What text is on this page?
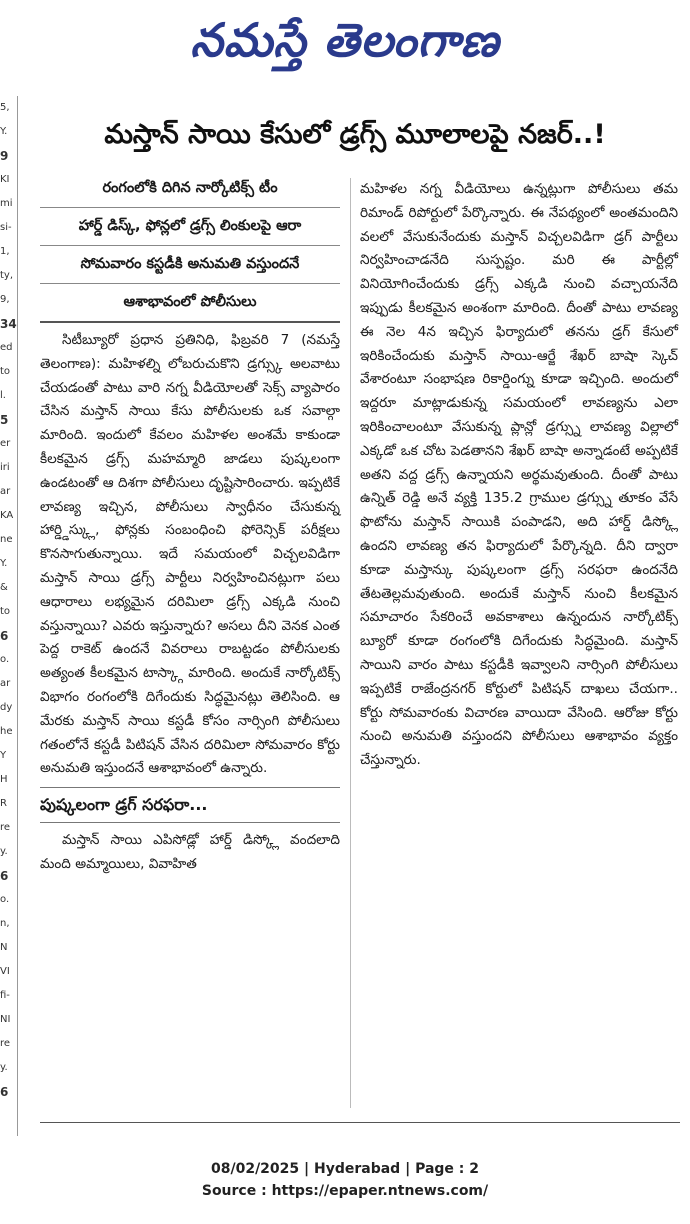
నమస్తే తెలంగాణ
5,
Y.
9
KI
mi
si-
1,
ty,
9,
34
ed
to
l.
5
er
iri
ar
KA
ne
Y.
&
to
6
o.
ar
dy
he
Y
H
R
re
y.
6
o.
n,
N
VI
fi-
NI
re
y.
6
మస్తాన్ సాయి కేసులో డ్రగ్స్ మూలాలపై నజర్..!
రంగంలోకి దిగిన నార్కోటిక్స్ టీం
హార్డ్ డిస్క్, ఫోన్లలో డ్రగ్స్ లింకులపై ఆరా
సోమవారం కస్టడీకి అనుమతి వస్తుందనే
ఆశాభావంలో పోలీసులు
సిటీబ్యూరో ప్రధాన ప్రతినిధి, ఫిబ్రవరి 7 (నమస్తే తెలంగాణ): మహిళల్ని లోబరుచుకొని డ్రగ్స్కు అలవాటు చేయడంతో పాటు వారి నగ్న వీడియోలతో సెక్స్ వ్యాపారం చేసిన మస్తాన్ సాయి కేసు పోలీసులకు ఒక సవాల్గా మారింది. ఇందులో కేవలం మహిళల అంశమే కాకుండా కీలకమైన డ్రగ్స్ మహమ్మారి జాడలు పుష్కలంగా ఉండటంతో ఆ దిశగా పోలీసులు దృష్టిసారించారు. ఇప్పటికే లావణ్య ఇచ్చిన, పోలీసులు స్వాధీనం చేసుకున్న హార్డ్డిస్క్లు, ఫోన్లకు సంబంధించి ఫోరెన్సిక్ పరీక్షలు కొనసాగుతున్నాయి. ఇదే సమయంలో విచ్చలవిడిగా మస్తాన్ సాయి డ్రగ్స్ పార్టీలు నిర్వహించినట్లుగా పలు ఆధారాలు లభ్యమైన దరిమిలా డ్రగ్స్ ఎక్కడి నుంచి వస్తున్నాయి? ఎవరు ఇస్తున్నారు? అసలు దీని వెనక ఎంత పెద్ద రాకెట్ ఉందనే వివరాలు రాబట్టడం పోలీసులకు అత్యంత కీలకమైన టాస్క్గా మారింది. అందుకే నార్కోటిక్స్ విభాగం రంగంలోకి దిగేందుకు సిద్ధమైనట్లు తెలిసింది. ఆ మేరకు మస్తాన్ సాయి కస్టడీ కోసం నార్సింగి పోలీసులు గతంలోనే కస్టడీ పిటిషన్ వేసిన దరిమిలా సోమవారం కోర్టు అనుమతి ఇస్తుందనే ఆశాభావంలో ఉన్నారు.
పుష్కలంగా డ్రగ్ సరఫరా...
మస్తాన్ సాయి ఎపిసోడ్లో హార్డ్ డిస్క్లో వందలాది మంది అమ్మాయిలు, వివాహిత
మహిళల నగ్న వీడియోలు ఉన్నట్లుగా పోలీసులు తమ రిమాండ్ రిపోర్టులో పేర్కొన్నారు. ఈ నేపథ్యంలో అంతమందిని వలలో వేసుకునేందుకు మస్తాన్ విచ్చలవిడిగా డ్రగ్ పార్టీలు నిర్వహించాడనేది సుస్పష్టం. మరి ఈ పార్టీల్లో వినియోగించేందుకు డ్రగ్స్ ఎక్కడి నుంచి వచ్చాయనేది ఇప్పుడు కీలకమైన అంశంగా మారింది. దీంతో పాటు లావణ్య ఈ నెల 4న ఇచ్చిన ఫిర్యాదులో తనను డ్రగ్ కేసులో ఇరికించేందుకు మస్తాన్ సాయి-ఆర్జే శేఖర్ బాషా స్కెచ్ వేశారంటూ సంభాషణ రికార్డింగ్ను కూడా ఇచ్చింది. అందులో ఇద్దరూ మాట్లాడుకున్న సమయంలో లావణ్యను ఎలా ఇరికించాలంటూ వేసుకున్న ప్లాన్లో డ్రగ్స్ను లావణ్య విల్లాలో ఎక్కడో ఒక చోట పెడతానని శేఖర్ బాషా అన్నాడంటే అప్పటికే అతని వద్ద డ్రగ్స్ ఉన్నాయని అర్థమవుతుంది. దీంతో పాటు ఉన్నిత్ రెడ్డి అనే వ్యక్తి 135.2 గ్రాముల డ్రగ్స్ను తూకం వేసే ఫొటోను మస్తాన్ సాయికి పంపాడని, అది హార్డ్ డిస్క్లో ఉందని లావణ్య తన ఫిర్యాదులో పేర్కొన్నది. దీని ద్వారా కూడా మస్తాన్కు పుష్కలంగా డ్రగ్స్ సరఫరా ఉందనేది తేటతెల్లమవుతుంది. అందుకే మస్తాన్ నుంచి కీలకమైన సమాచారం సేకరించే అవకాశాలు ఉన్నందున నార్కోటిక్స్ బ్యూరో కూడా రంగంలోకి దిగేందుకు సిద్ధమైంది. మస్తాన్ సాయిని వారం పాటు కస్టడీకి ఇవ్వాలని నార్సింగి పోలీసులు ఇప్పటికే రాజేంద్రనగర్ కోర్టులో పిటిషన్ దాఖలు చేయగా.. కోర్టు సోమవారంకు విచారణ వాయిదా వేసింది. ఆరోజు కోర్టు నుంచి అనుమతి వస్తుందని పోలీసులు ఆశాభావం వ్యక్తం చేస్తున్నారు.
08/02/2025 | Hyderabad | Page : 2
Source : https://epaper.ntnews.com/
